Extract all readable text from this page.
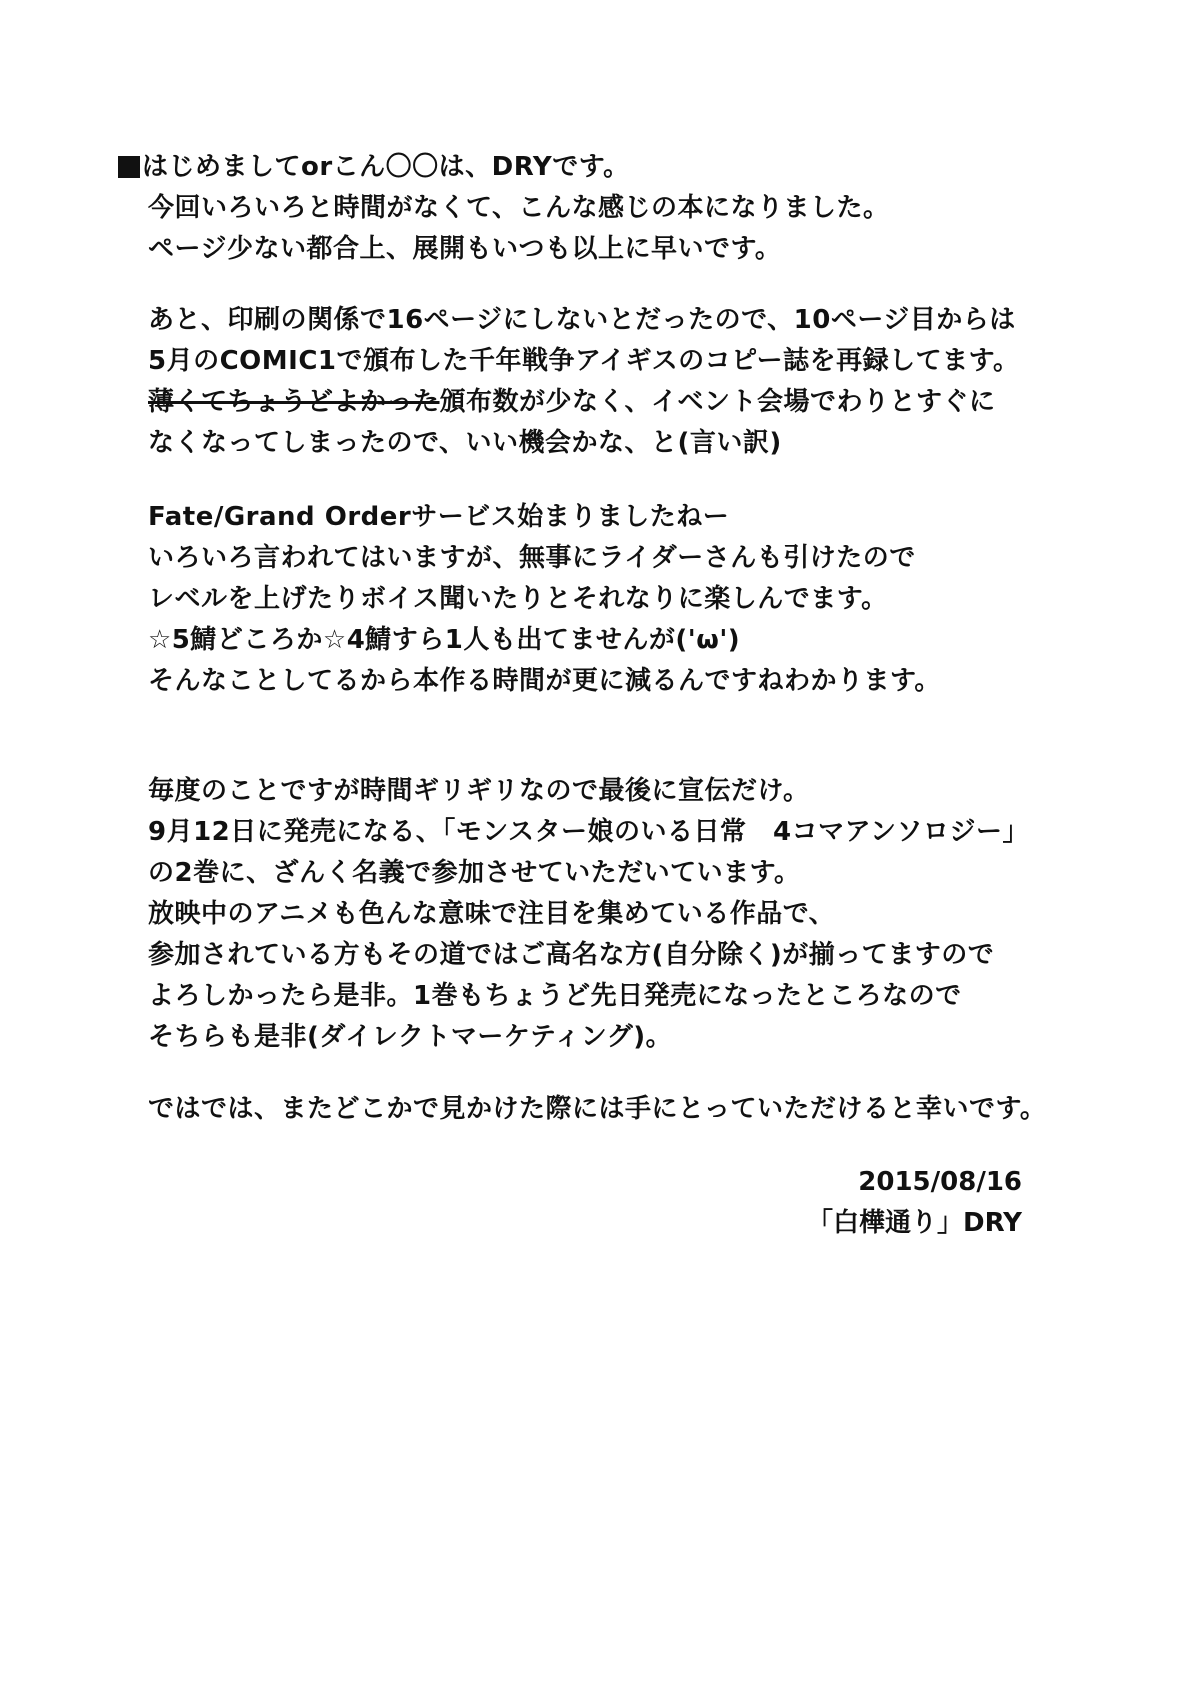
はじめましてorこん〇〇は、DRYです。
今回いろいろと時間がなくて、こんな感じの本になりました。
ページ少ない都合上、展開もいつも以上に早いです。
あと、印刷の関係で16ページにしないとだったので、10ページ目からは
5月のCOMIC1で頒布した千年戦争アイギスのコピー誌を再録してます。
薄くてちょうどよかった頒布数が少なく、イベント会場でわりとすぐに
なくなってしまったので、いい機会かな、と(言い訳)
Fate/Grand Orderサービス始まりましたねー
いろいろ言われてはいますが、無事にライダーさんも引けたので
レベルを上げたりボイス聞いたりとそれなりに楽しんでます。
☆5鯖どころか☆4鯖すら1人も出てませんが('ω')
そんなことしてるから本作る時間が更に減るんですねわかります。
毎度のことですが時間ギリギリなので最後に宣伝だけ。
9月12日に発売になる、「モンスター娘のいる日常　4コマアンソロジー」
の2巻に、ざんく名義で参加させていただいています。
放映中のアニメも色んな意味で注目を集めている作品で、
参加されている方もその道ではご高名な方(自分除く)が揃ってますので
よろしかったら是非。1巻もちょうど先日発売になったところなので
そちらも是非(ダイレクトマーケティング)。
ではでは、またどこかで見かけた際には手にとっていただけると幸いです。
2015/08/16
「白樺通り」DRY
